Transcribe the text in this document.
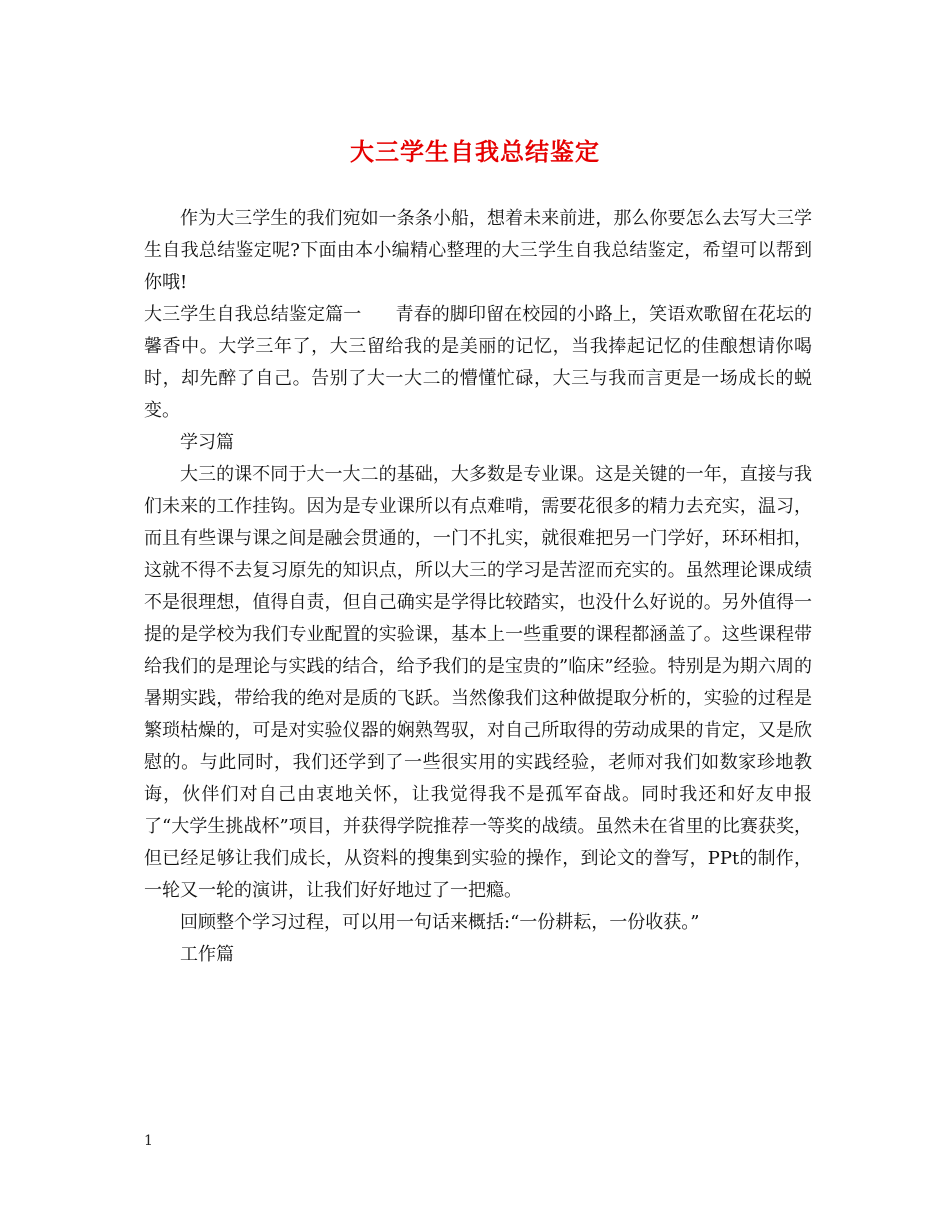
大三学生自我总结鉴定

作为大三学生的我们宛如一条条小船，想着未来前进，那么你要怎么去写大三学生自我总结鉴定呢?下面由本小编精心整理的大三学生自我总结鉴定，希望可以帮到你哦!

大三学生自我总结鉴定篇一 青春的脚印留在校园的小路上，笑语欢歌留在花坛的馨香中。大学三年了，大三留给我的是美丽的记忆，当我捧起记忆的佳酿想请你喝时，却先醉了自己。告别了大一大二的懵懂忙碌，大三与我而言更是一场成长的蜕变。

学习篇

大三的课不同于大一大二的基础，大多数是专业课。这是关键的一年，直接与我们未来的工作挂钩。因为是专业课所以有点难啃，需要花很多的精力去充实，温习，而且有些课与课之间是融会贯通的，一门不扎实，就很难把另一门学好，环环相扣，这就不得不去复习原先的知识点，所以大三的学习是苦涩而充实的。虽然理论课成绩不是很理想，值得自责，但自己确实是学得比较踏实，也没什么好说的。另外值得一提的是学校为我们专业配置的实验课，基本上一些重要的课程都涵盖了。这些课程带给我们的是理论与实践的结合，给予我们的是宝贵的”临床”经验。特别是为期六周的暑期实践，带给我的绝对是质的飞跃。当然像我们这种做提取分析的，实验的过程是繁琐枯燥的，可是对实验仪器的娴熟驾驭，对自己所取得的劳动成果的肯定，又是欣慰的。与此同时，我们还学到了一些很实用的实践经验，老师对我们如数家珍地教诲，伙伴们对自己由衷地关怀，让我觉得我不是孤军奋战。同时我还和好友申报了“大学生挑战杯”项目，并获得学院推荐一等奖的战绩。虽然未在省里的比赛获奖，但已经足够让我们成长，从资料的搜集到实验的操作，到论文的誊写，PPt的制作，一轮又一轮的演讲，让我们好好地过了一把瘾。

回顾整个学习过程，可以用一句话来概括:“一份耕耘，一份收获。”

工作篇

1
